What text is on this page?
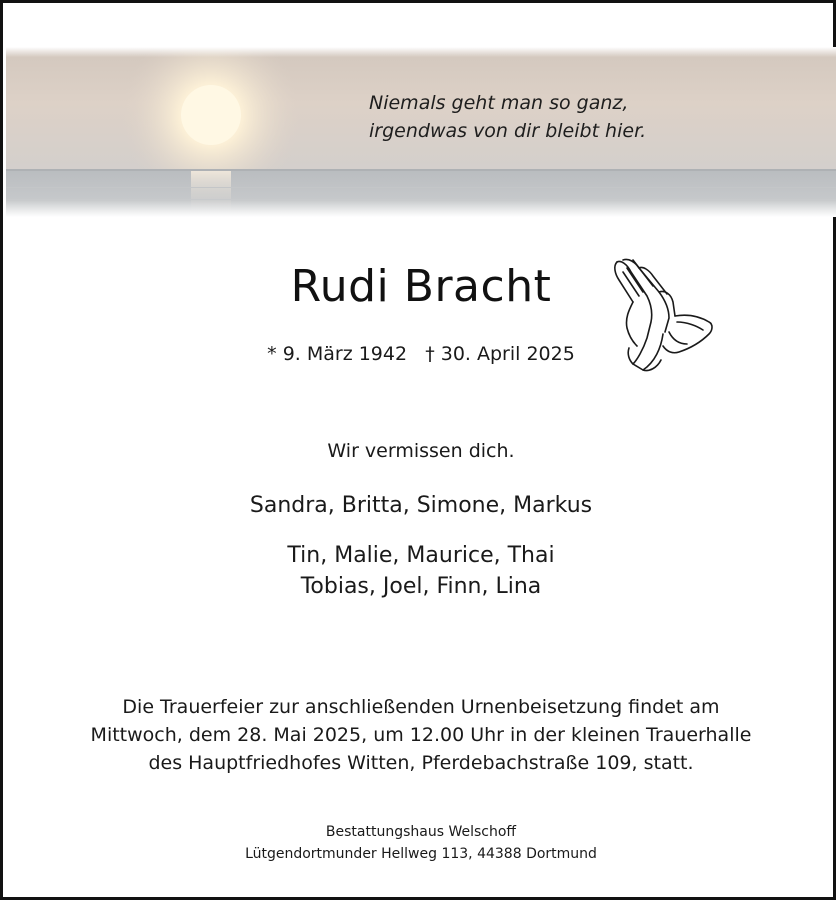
Niemals geht man so ganz,
irgendwas von dir bleibt hier.
Rudi Bracht
* 9. März 1942 † 30. April 2025
Wir vermissen dich.
Sandra, Britta, Simone, Markus
Tin, Malie, Maurice, Thai
Tobias, Joel, Finn, Lina
Die Trauerfeier zur anschließenden Urnenbeisetzung findet am
Mittwoch, dem 28. Mai 2025, um 12.00 Uhr in der kleinen Trauerhalle
des Hauptfriedhofes Witten, Pferdebachstraße 109, statt.
Bestattungshaus Welschoff
Lütgendortmunder Hellweg 113, 44388 Dortmund
